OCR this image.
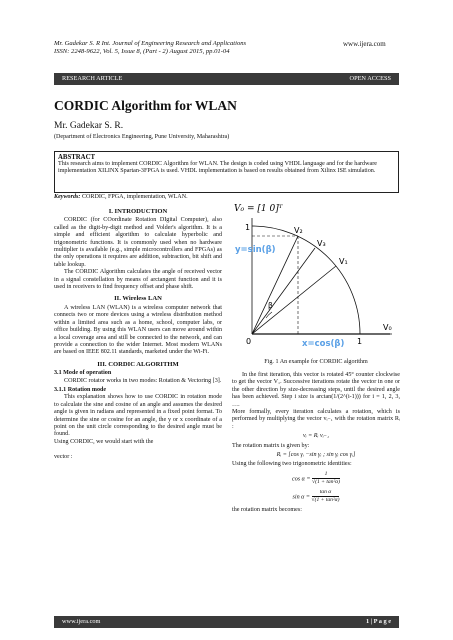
Mr. Gadekar S. R Int. Journal of Engineering Research and Applications
ISSN: 2248-9622, Vol. 5, Issue 8, (Part - 2) August 2015, pp.01-04
www.ijera.com
RESEARCH ARTICLE	OPEN ACCESS
CORDIC Algorithm for WLAN
Mr. Gadekar S. R.
(Department of Electronics Engineering, Pune University, Maharashtra)
ABSTRACT
This research aims to implement CORDIC Algorithm for WLAN. The design is coded using VHDL language and for the hardware implementation XILINX Spartan-3FPGA is used. VHDL implementation is based on results obtained from Xilinx ISE simulation.
Keywords: CORDIC, FPGA, implementation, WLAN.
I. INTRODUCTION

CORDIC (for COordinate Rotation DIgital Computer), also called as the digit-by-digit method and Volder's algorithm. It is a simple and efficient algorithm to calculate hyperbolic and trigonometric functions. It is commonly used when no hardware multiplier is available (e.g., simple microcontrollers and FPGAs) as the only operations it requires are addition, subtraction, bit shift and table lookup.

The CORDIC Algorithm calculates the angle of received vector in a signal constellation by means of arctangent function and it is used in receivers to find frequency offset and phase shift.

II. Wireless LAN

A wireless LAN (WLAN) is a wireless computer network that connects two or more devices using a wireless distribution method within a limited area such as a home, school, computer labs, or office building. By using this WLAN users can move around within a local coverage area and still be connected to the network, and can provide a connection to the wider Internet. Most modern WLANs are based on IEEE 802.11 standards, marketed under the Wi-Fi.

III. CORDIC ALGORITHM
3.1 Mode of operation

CORDIC rotator works in two modes: Rotation & Vectoring [3].

3.1.1 Rotation mode

This explanation shows how to use CORDIC in rotation mode to calculate the sine and cosine of an angle and assumes the desired angle is given in radians and represented in a fixed point format. To determine the sine or cosine for an angle, the y or x coordinate of a point on the unit circle corresponding to the desired angle must be found.

Using CORDIC, we would start with the
vector :
V₀ = [1 0]ᵀ
1
0	1
y=sin(β)
x=cos(β)
V₂
V₃
V₁
V₀
β
Fig. 1 An example for CORDIC algorithm

In the first iteration, this vector is rotated 45° counter clockwise to get the vector V₁. Successive iterations rotate the vector in one or the other direction by size-decreasing steps, until the desired angle has been achieved. Step i size is arctan(1/(2^(i-1))) for i = 1, 2, 3, ….

More formally, every iteration calculates a rotation, which is performed by multiplying the vector vᵢ₋₁ with the rotation matrix Rᵢ :
vᵢ = Rᵢ vᵢ₋₁
The rotation matrix is given by:
Rᵢ = [cos γᵢ −sin γᵢ ; sin γᵢ cos γᵢ]
Using the following two trigonometric identities:
$\cos \alpha = \frac{1}{\text{√(1 + tan²α)}}$
$\sin \alpha = \frac{\text{tan α}}{\text{√(1 + tan²α)}}$
the rotation matrix becomes:
www.ijera.com	1 | P a g e
